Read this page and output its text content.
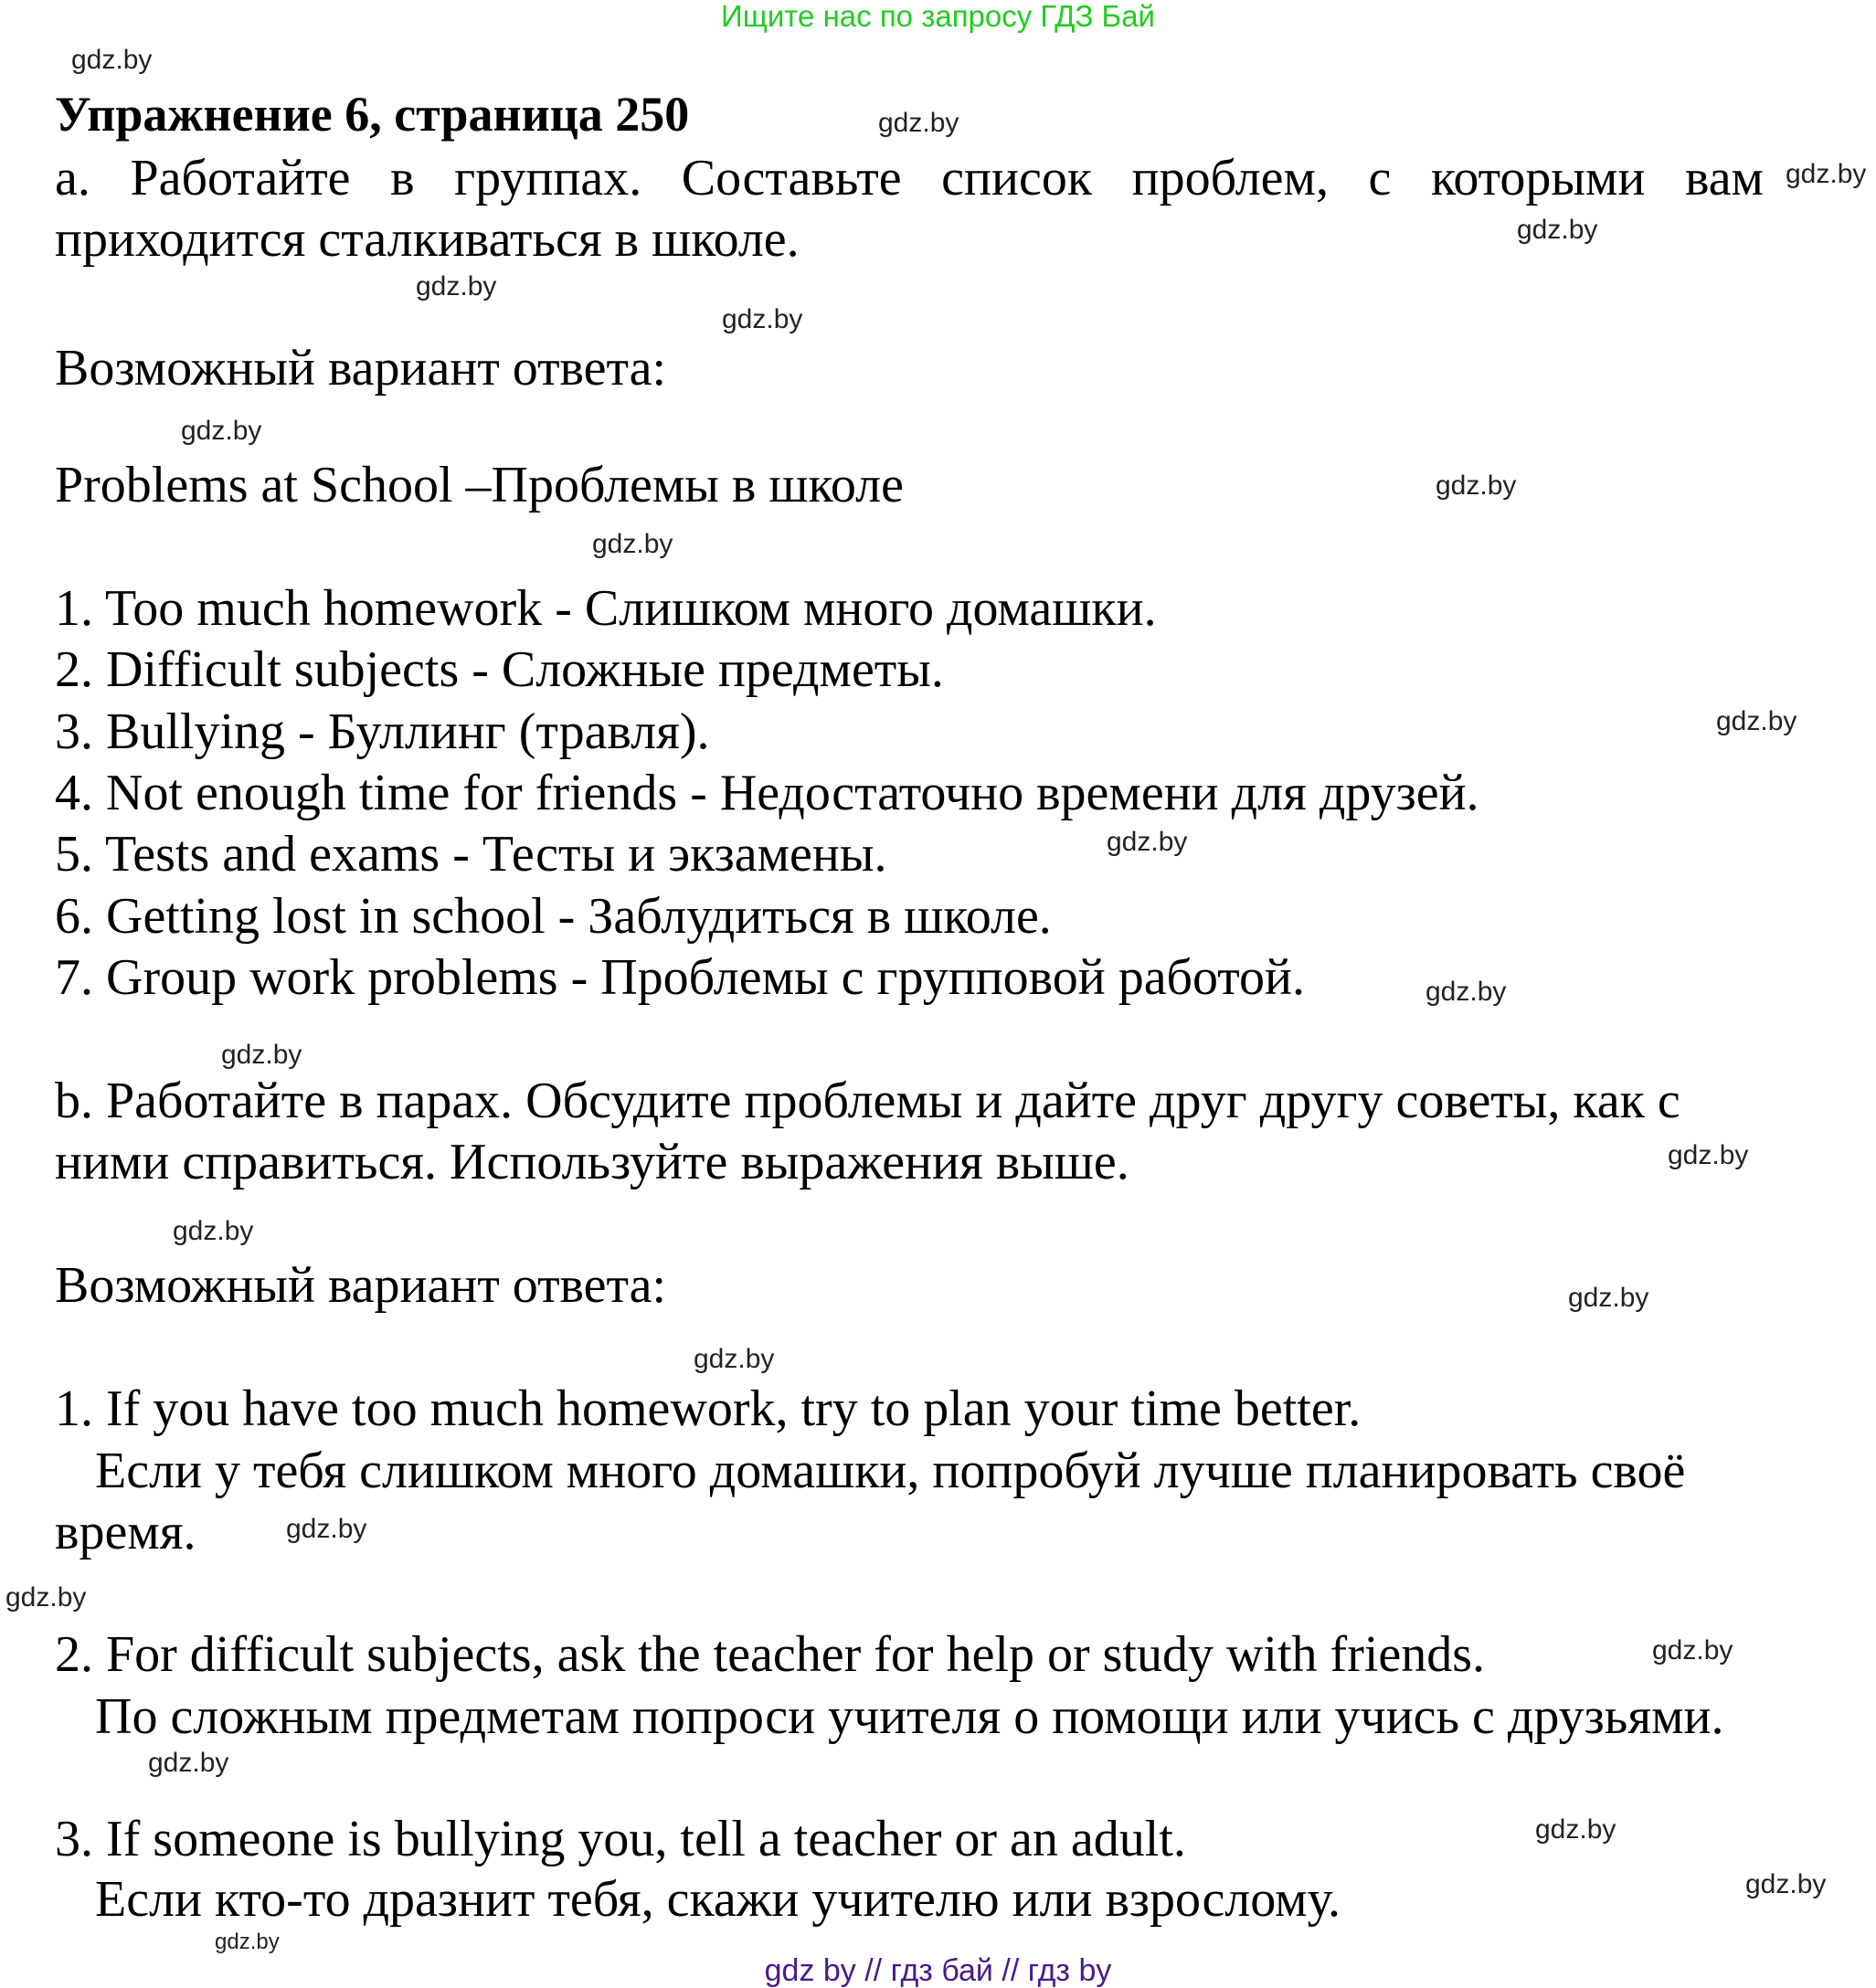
Ищите нас по запросу ГДЗ Бай
Упражнение 6, страница 250
a. Работайте в группах. Составьте список проблем, с которыми вам
приходится сталкиваться в школе.
Возможный вариант ответа:
Problems at School –Проблемы в школе
1. Too much homework - Слишком много домашки.
2. Difficult subjects - Сложные предметы.
3. Bullying - Буллинг (травля).
4. Not enough time for friends - Недостаточно времени для друзей.
5. Tests and exams - Тесты и экзамены.
6. Getting lost in school - Заблудиться в школе.
7. Group work problems - Проблемы с групповой работой.
b. Работайте в парах. Обсудите проблемы и дайте друг другу советы, как с
ними справиться. Используйте выражения выше.
Возможный вариант ответа:
1. If you have too much homework, try to plan your time better.
Если у тебя слишком много домашки, попробуй лучше планировать своё
время.
2. For difficult subjects, ask the teacher for help or study with friends.
По сложным предметам попроси учителя о помощи или учись с друзьями.
3. If someone is bullying you, tell a teacher or an adult.
Если кто-то дразнит тебя, скажи учителю или взрослому.
gdz.by
gdz.by
gdz.by
gdz.by
gdz.by
gdz.by
gdz.by
gdz.by
gdz.by
gdz.by
gdz.by
gdz.by
gdz.by
gdz.by
gdz.by
gdz.by
gdz.by
gdz.by
gdz.by
gdz.by
gdz.by
gdz.by
gdz.by
gdz.by
gdz by // гдз бай // гдз by
